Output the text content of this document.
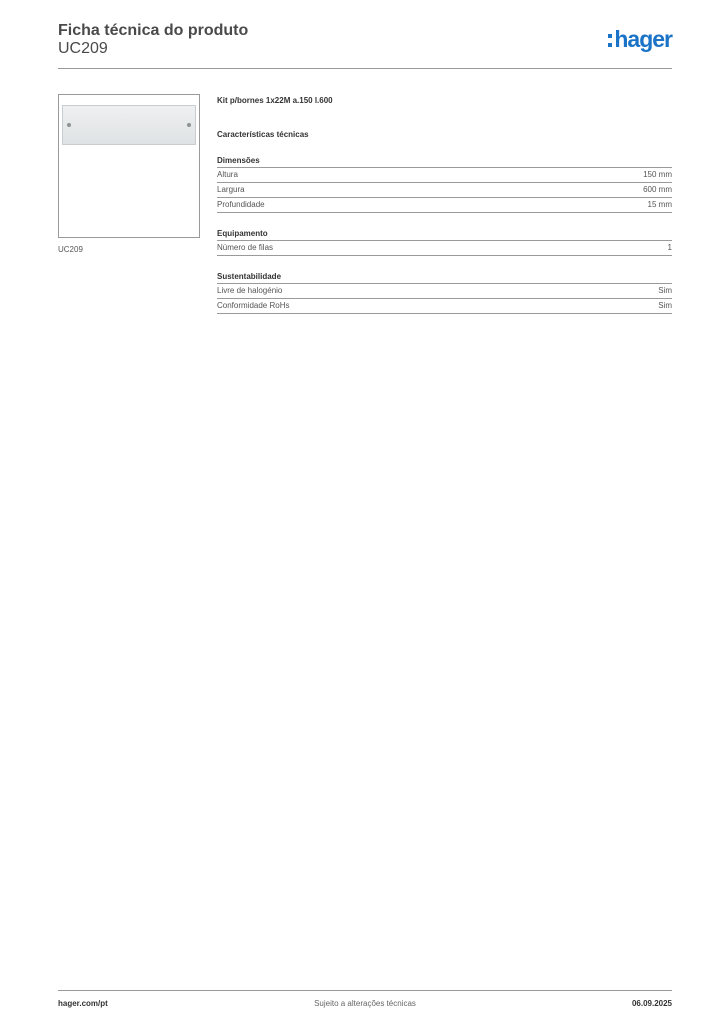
Ficha técnica do produto
UC209	hager
UC209
Kit p/bornes 1x22M a.150 l.600
Características técnicas
Dimensões
Altura	150 mm
Largura	600 mm
Profundidade	15 mm
Equipamento
Número de filas	1
Sustentabilidade
Livre de halogénio	Sim
Conformidade RoHs	Sim
hager.com/pt	Sujeito a alterações técnicas	06.09.2025
